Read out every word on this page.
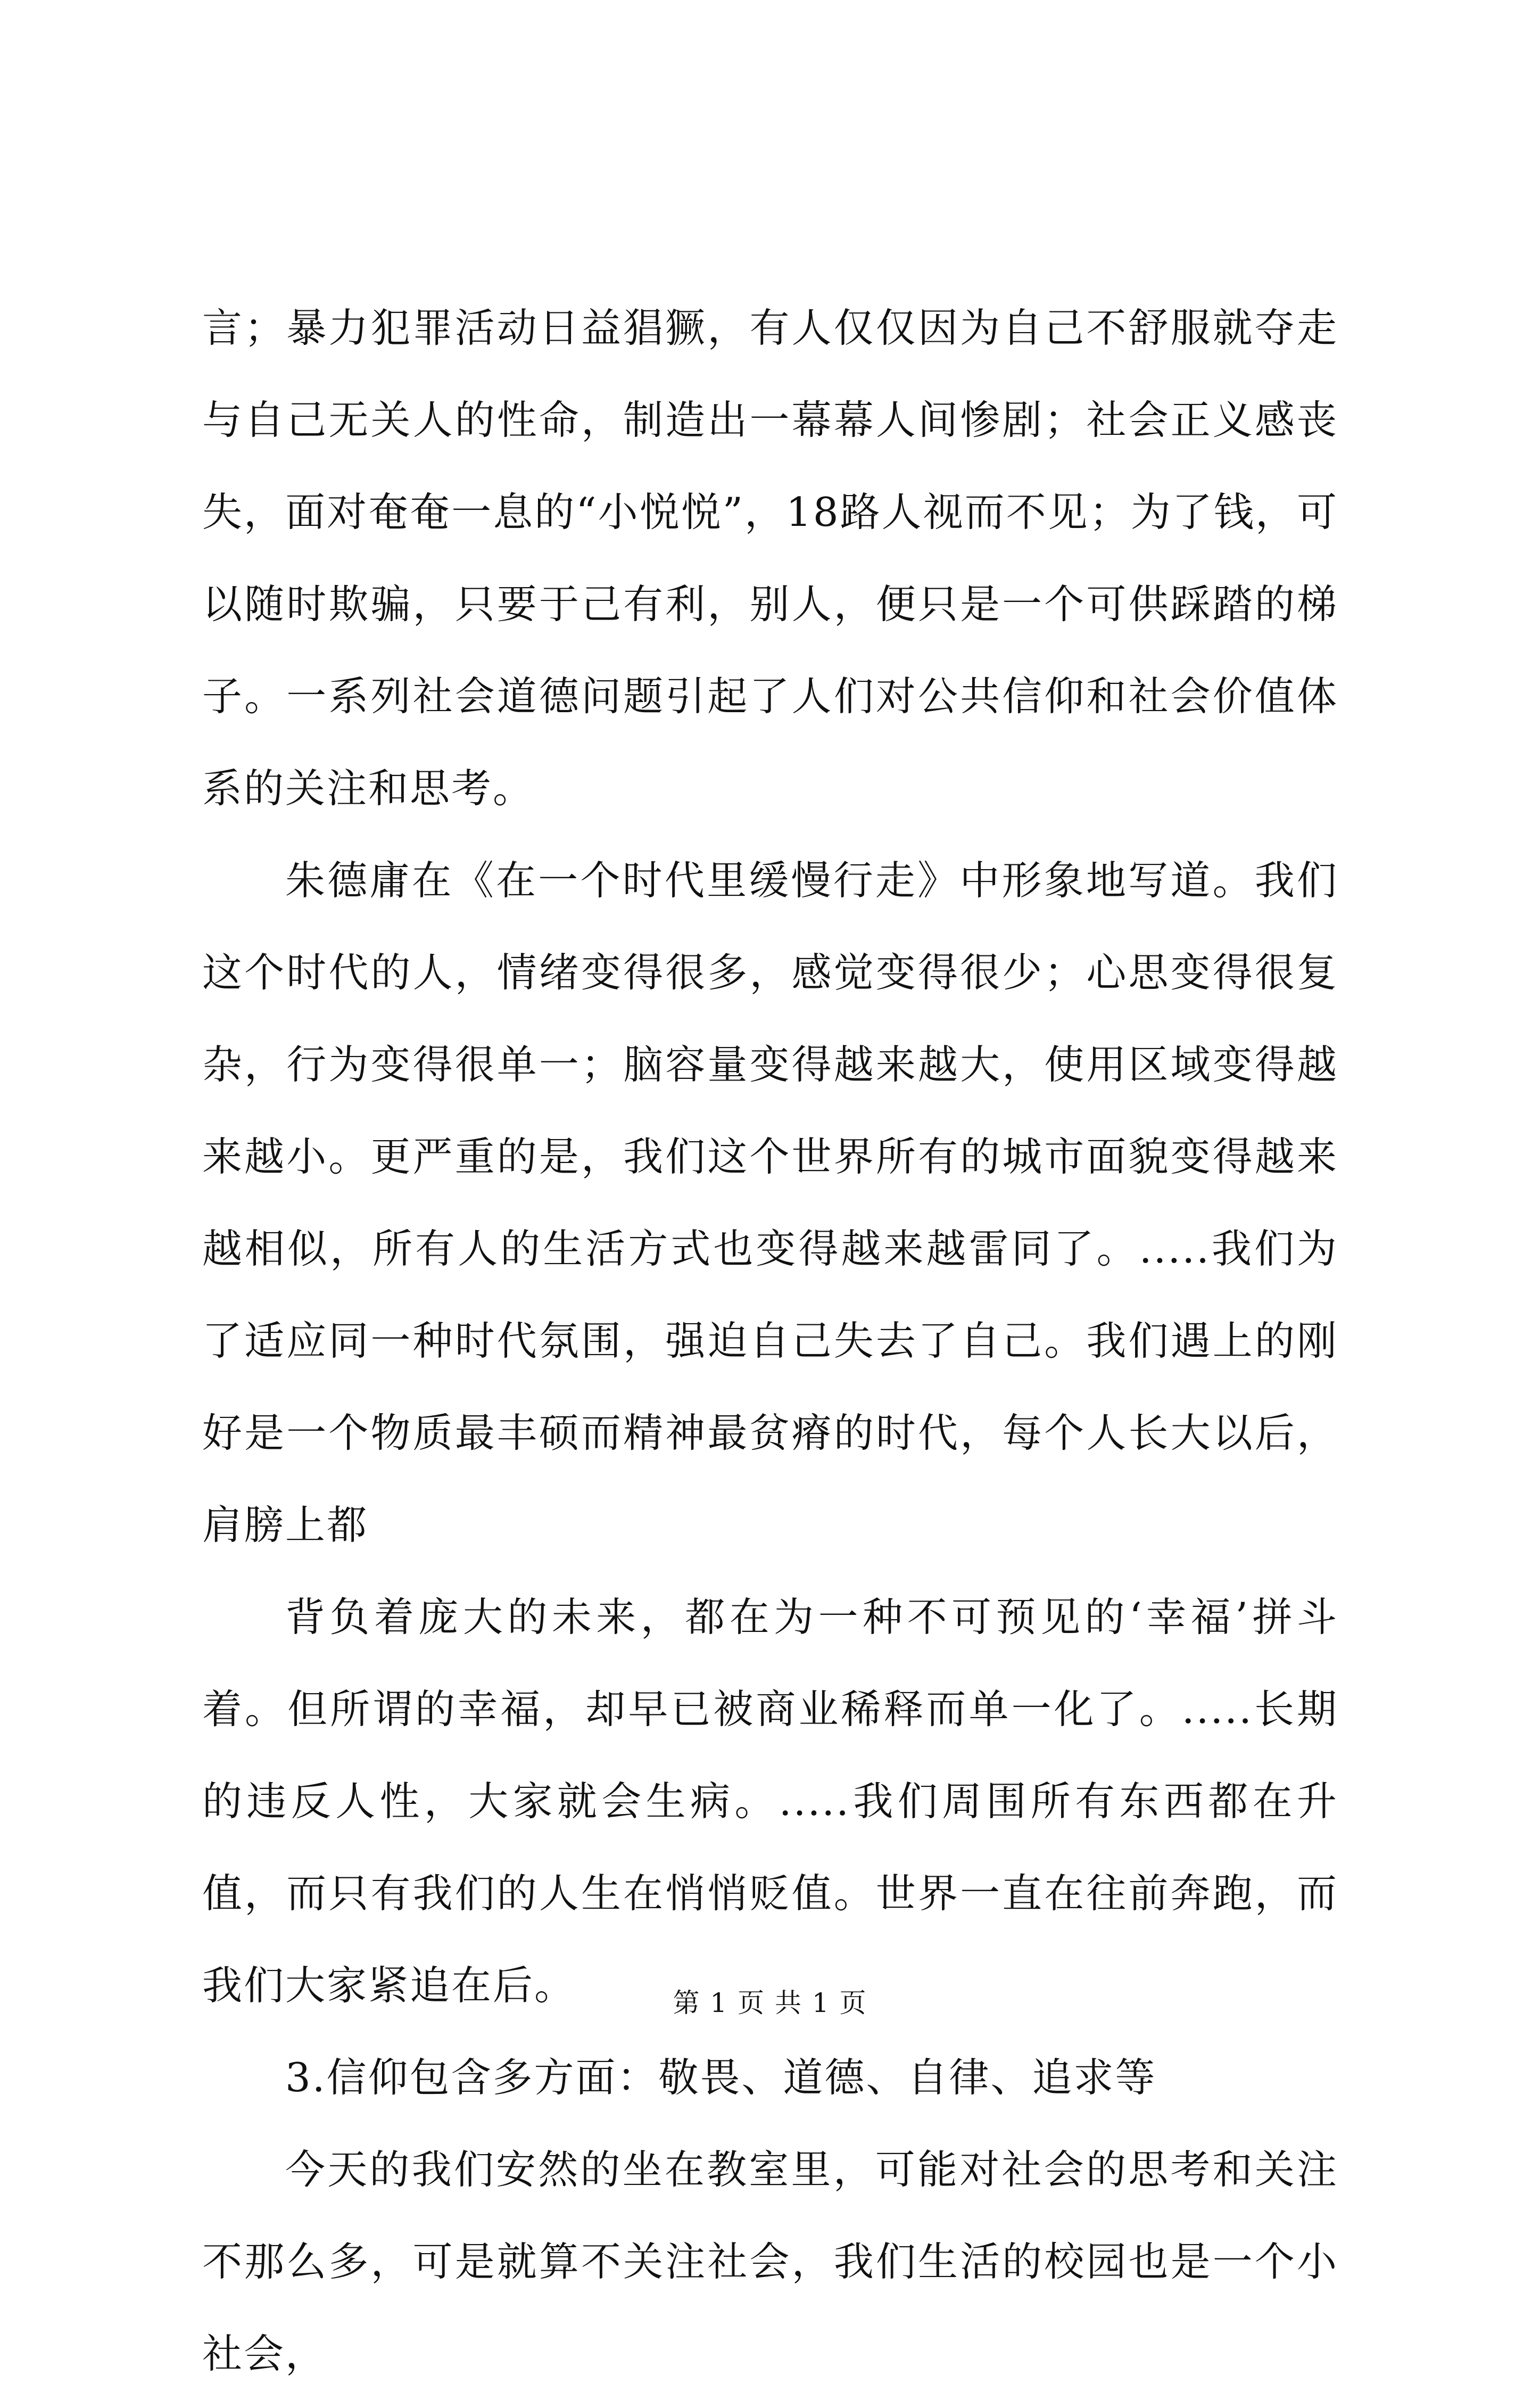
言；暴力犯罪活动日益猖獗，有人仅仅因为自己不舒服就夺走与自己无关人的性命，制造出一幕幕人间惨剧；社会正义感丧失，面对奄奄一息的“小悦悦”，18路人视而不见；为了钱，可以随时欺骗，只要于己有利，别人，便只是一个可供踩踏的梯子。一系列社会道德问题引起了人们对公共信仰和社会价值体系的关注和思考。

朱德庸在《在一个时代里缓慢行走》中形象地写道。我们这个时代的人，情绪变得很多，感觉变得很少；心思变得很复杂，行为变得很单一；脑容量变得越来越大，使用区域变得越来越小。更严重的是，我们这个世界所有的城市面貌变得越来越相似，所有人的生活方式也变得越来越雷同了。.....我们为了适应同一种时代氛围，强迫自己失去了自己。我们遇上的刚好是一个物质最丰硕而精神最贫瘠的时代，每个人长大以后，肩膀上都

背负着庞大的未来，都在为一种不可预见的‘幸福’拼斗着。但所谓的幸福，却早已被商业稀释而单一化了。.....长期的违反人性，大家就会生病。.....我们周围所有东西都在升值，而只有我们的人生在悄悄贬值。世界一直在往前奔跑，而我们大家紧追在后。

3.信仰包含多方面：敬畏、道德、自律、追求等

今天的我们安然的坐在教室里，可能对社会的思考和关注不那么多，可是就算不关注社会，我们生活的校园也是一个小社会，

第 1 页 共 1 页
